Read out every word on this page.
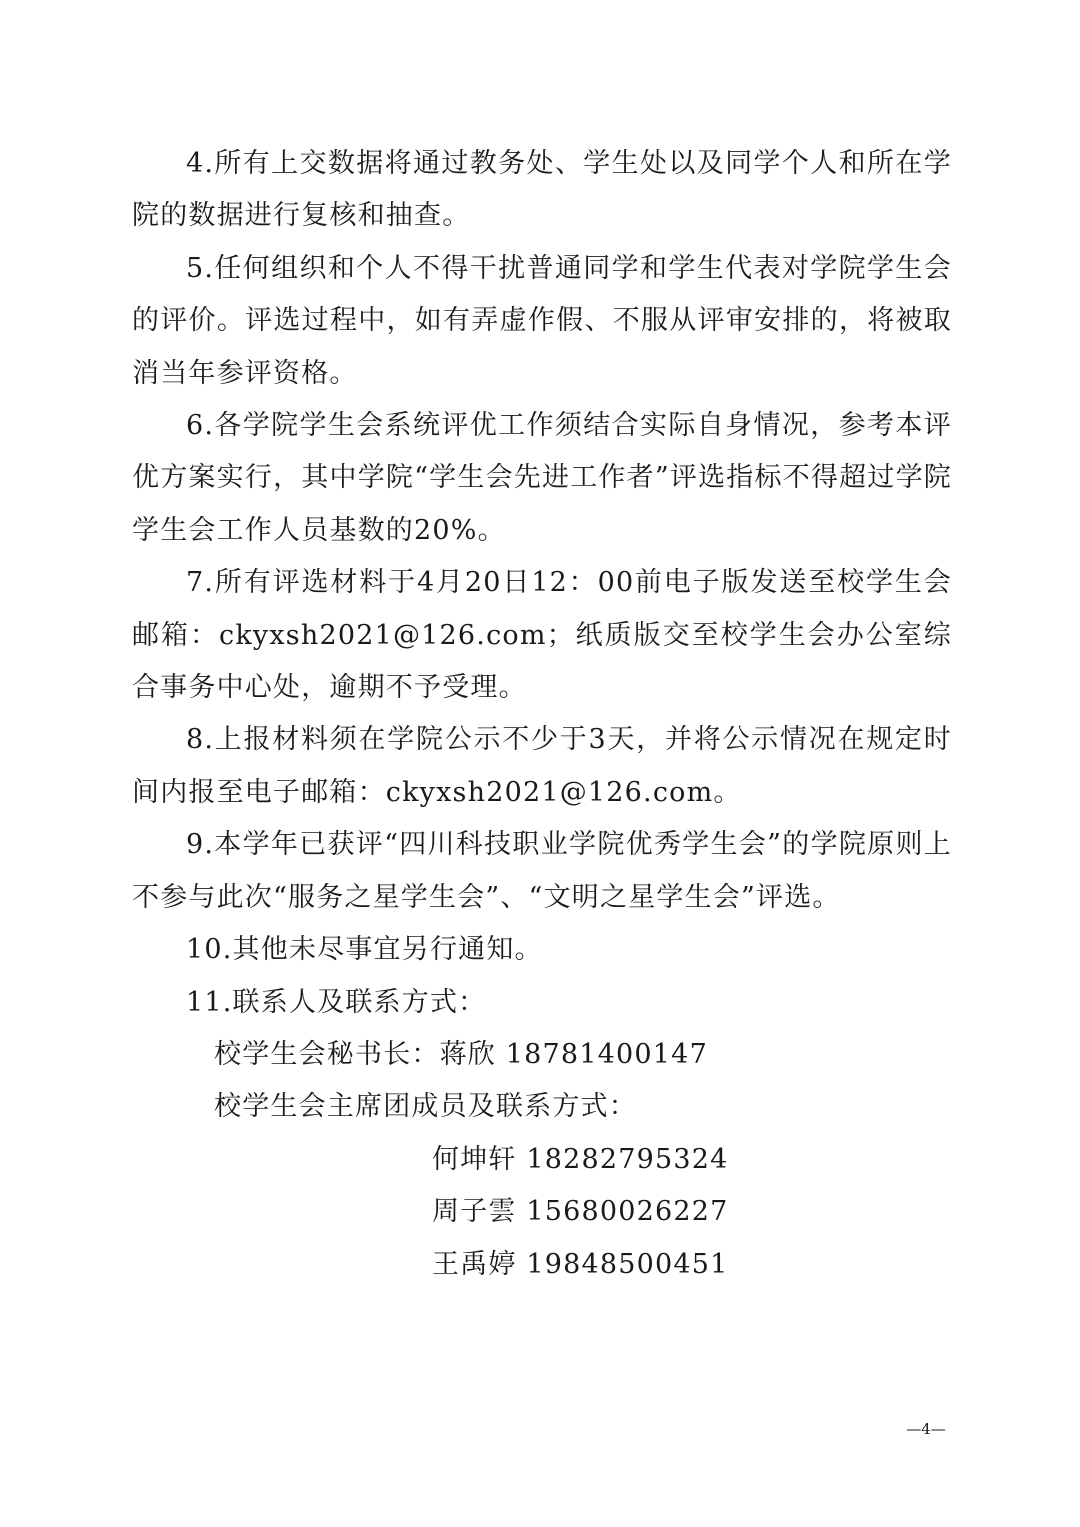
4.所有上交数据将通过教务处、学生处以及同学个人和所在学院的数据进行复核和抽查。

5.任何组织和个人不得干扰普通同学和学生代表对学院学生会的评价。评选过程中，如有弄虚作假、不服从评审安排的，将被取消当年参评资格。

6.各学院学生会系统评优工作须结合实际自身情况，参考本评优方案实行，其中学院“学生会先进工作者”评选指标不得超过学院学生会工作人员基数的20%。

7.所有评选材料于4月20日12：00前电子版发送至校学生会邮箱：ckyxsh2021@126.com；纸质版交至校学生会办公室综合事务中心处，逾期不予受理。

8.上报材料须在学院公示不少于3天，并将公示情况在规定时间内报至电子邮箱：ckyxsh2021@126.com。

9.本学年已获评“四川科技职业学院优秀学生会”的学院原则上不参与此次“服务之星学生会”、“文明之星学生会”评选。

10.其他未尽事宜另行通知。

11.联系人及联系方式：

校学生会秘书长：蒋欣 18781400147

校学生会主席团成员及联系方式：

何坤轩 18282795324

周子雲 15680026227

王禹婷 19848500451

—4—
